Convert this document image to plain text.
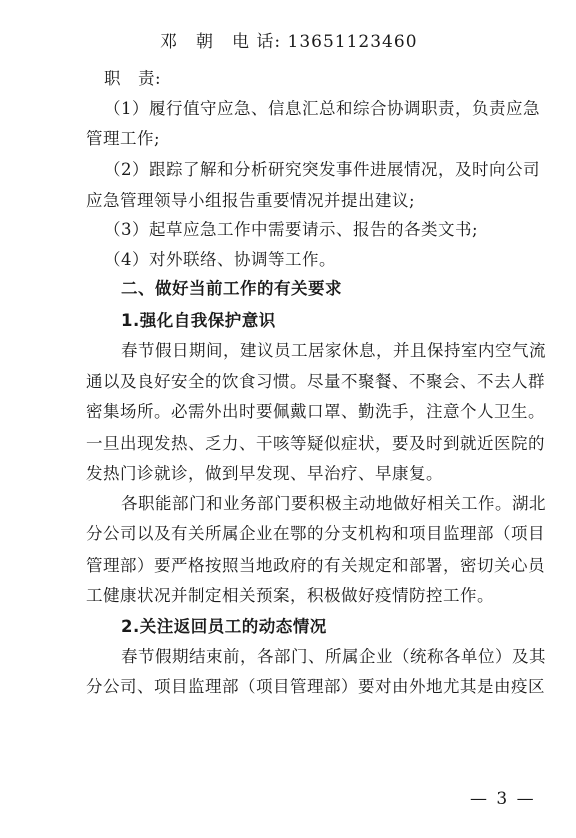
邓　朝　电 话: 13651123460
职　责:
（1）履行值守应急、信息汇总和综合协调职责，负责应急
管理工作;
（2）跟踪了解和分析研究突发事件进展情况，及时向公司
应急管理领导小组报告重要情况并提出建议;
（3）起草应急工作中需要请示、报告的各类文书;
（4）对外联络、协调等工作。
二、做好当前工作的有关要求
1.强化自我保护意识
春节假日期间，建议员工居家休息，并且保持室内空气流
通以及良好安全的饮食习惯。尽量不聚餐、不聚会、不去人群
密集场所。必需外出时要佩戴口罩、勤洗手，注意个人卫生。
一旦出现发热、乏力、干咳等疑似症状，要及时到就近医院的
发热门诊就诊，做到早发现、早治疗、早康复。
各职能部门和业务部门要积极主动地做好相关工作。湖北
分公司以及有关所属企业在鄂的分支机构和项目监理部（项目
管理部）要严格按照当地政府的有关规定和部署，密切关心员
工健康状况并制定相关预案，积极做好疫情防控工作。
2.关注返回员工的动态情况
春节假期结束前，各部门、所属企业（统称各单位）及其
分公司、项目监理部（项目管理部）要对由外地尤其是由疫区
— 3 —
